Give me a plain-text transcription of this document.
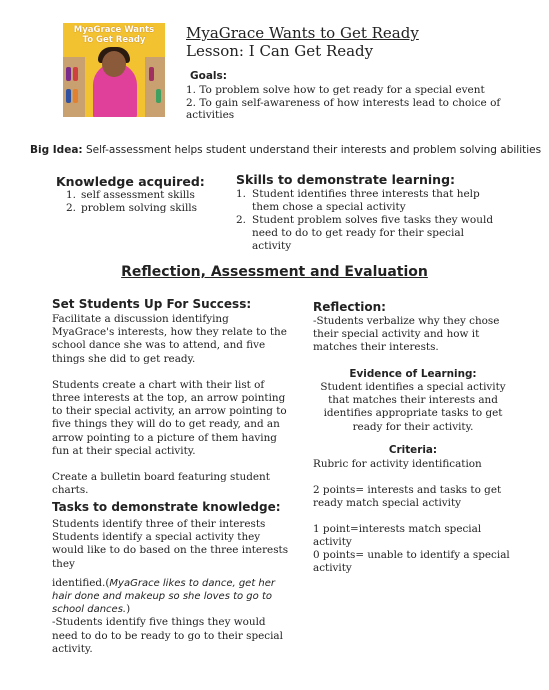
MyaGrace Wants
To Get Ready	MyaGrace Wants to Get Ready
Lesson: I Can Get Ready
Goals:
1. To problem solve how to get ready for a special event
2. To gain self-awareness of how interests lead to choice of activities
Big Idea: Self-assessment helps student understand their interests and problem solving abilities
Knowledge acquired:
1. self assessment skills
2. problem solving skills
Skills to demonstrate learning:
1. Student identifies three interests that help them chose a special activity
2. Student problem solves five tasks they would need to do to get ready for their special activity
Reflection, Assessment and Evaluation
Set Students Up For Success:

Facilitate a discussion identifying MyaGrace's interests, how they relate to the school dance she was to attend, and five things she did to get ready.

Students create a chart with their list of three interests at the top, an arrow pointing to their special activity, an arrow pointing to five things they will do to get ready, and an arrow pointing to a picture of them having fun at their special activity.

Create a bulletin board featuring student charts.

Tasks to demonstrate knowledge:

Students identify three of their interests

Students identify a special activity they would like to do based on the three interests they

identified.(MyaGrace likes to dance, get her hair done and makeup so she loves to go to school dances.)

-Students identify five things they would need to do to be ready to go to their special activity.

Reflection:
-Students verbalize why they chose their special activity and how it matches their interests.
Evidence of Learning:
Student identifies a special activity that matches their interests and identifies appropriate tasks to get ready for their activity.
Criteria:
Rubric for activity identification
2 points= interests and tasks to get ready match special activity
1 point=interests match special activity
0 points= unable to identify a special activity
